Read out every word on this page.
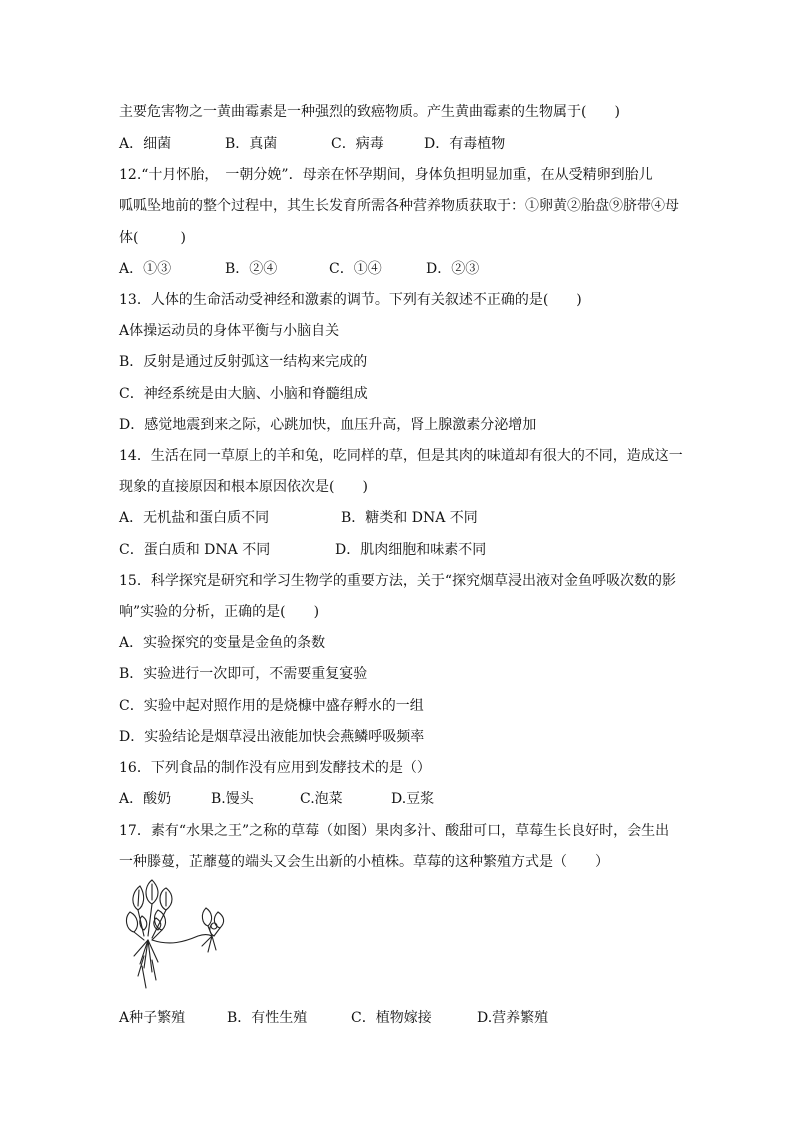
主要危害物之一黄曲霉素是一种强烈的致癌物质。产生黄曲霉素的生物属于(　　)

A．细菌	B．真菌	C．病毒	D．有毒植物

12.“十月怀胎，　一朝分娩”．母亲在怀孕期间，身体负担明显加重，在从受精卵到胎儿

呱呱坠地前的整个过程中，其生长发育所需各种营养物质获取于：①卵黄②胎盘⑨脐带④母

体(　　　)

A．①③	B．②④	C．①④	D．②③

13．人体的生命活动受神经和激素的调节。下列有关叙述不正确的是(　　)

A体操运动员的身体平衡与小脑自关

B．反射是通过反射弧这一结构来完成的

C．神经系统是由大脑、小脑和脊髓组成

D．感觉地震到来之际，心跳加快，血压升高，肾上腺激素分泌增加

14．生活在同一草原上的羊和兔，吃同样的草，但是其肉的味道却有很大的不同，造成这一

现象的直接原因和根本原因依次是(　　)

A．无机盐和蛋白质不同	B．糖类和 DNA 不同

C．蛋白质和 DNA 不同	D．肌肉细胞和味素不同

15．科学探究是研究和学习生物学的重要方法，关于“探究烟草浸出液对金鱼呼吸次数的影

响”实验的分析，正确的是(　　)

A．实验探究的变量是金鱼的条数

B．实验进行一次即可，不需要重复宴验

C．实验中起对照作用的是烧槺中盛存孵水的一组

D．实验结论是烟草浸出液能加快会燕鳞呼吸频率

16．下列食品的制作没有应用到发酵技术的是（）

A．酸奶	B.馒头	C.泡菜	D.豆浆

17．素有“水果之王”之称的草莓（如图）果肉多汁、酸甜可口，草莓生长良好时，会生出

一种滕蔓，芷蘼蔓的端头又会生出新的小植株。草莓的这种繁殖方式是（　　）

A种子繁殖	B．有性生殖	C．植物嫁接	D.营养繁殖
